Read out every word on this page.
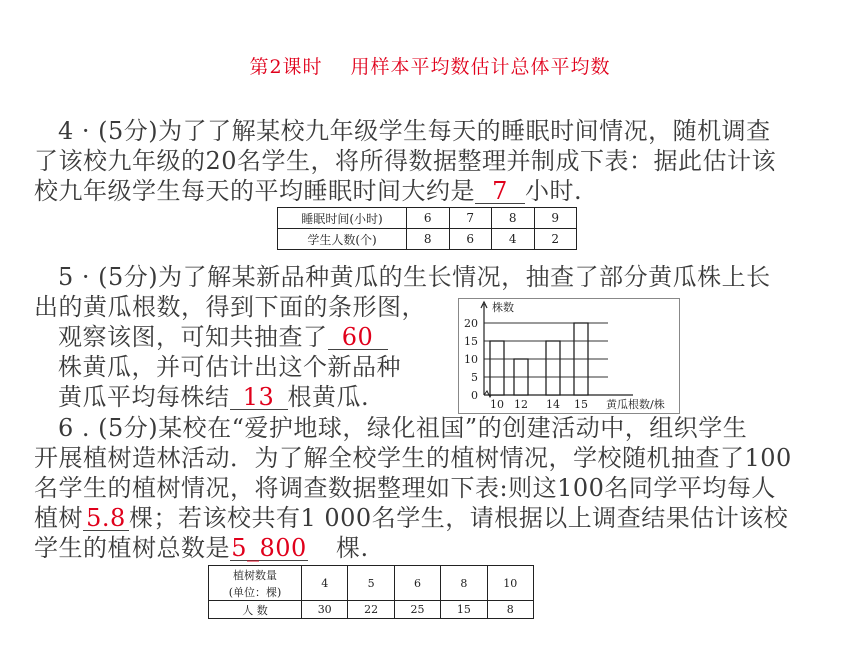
第2课时 用样本平均数估计总体平均数
4 · (5分)为了了解某校九年级学生每天的睡眠时间情况，随机调查
了该校九年级的20名学生，将所得数据整理并制成下表：据此估计该
校九年级学生每天的平均睡眠时间大约是 7 小时.
睡眠时间(小时)	6	7	8	9
学生人数(个)	8	6	4	2
5 · (5分)为了解某新品种黄瓜的生长情况，抽查了部分黄瓜株上长
出的黄瓜根数，得到下面的条形图，
观察该图，可知共抽查了 60
株黄瓜，并可估计出这个新品种
黄瓜平均每株结 13 根黄瓜.	0
5
10
15
20
10 12 14 15
株数
黄瓜根数/株
6 . (5分)某校在“爱护地球，绿化祖国”的创建活动中，组织学生
开展植树造林活动．为了解全校学生的植树情况，学校随机抽查了100
名学生的植树情况，将调查数据整理如下表:则这100名同学平均每人
植树 5.8 棵；若该校共有1 000名学生，请根据以上调查结果估计该校
学生的植树总数是5_800 棵.
植树数量	4	5	6	8	10
(单位：棵)					
人 数	30	22	25	15	8
